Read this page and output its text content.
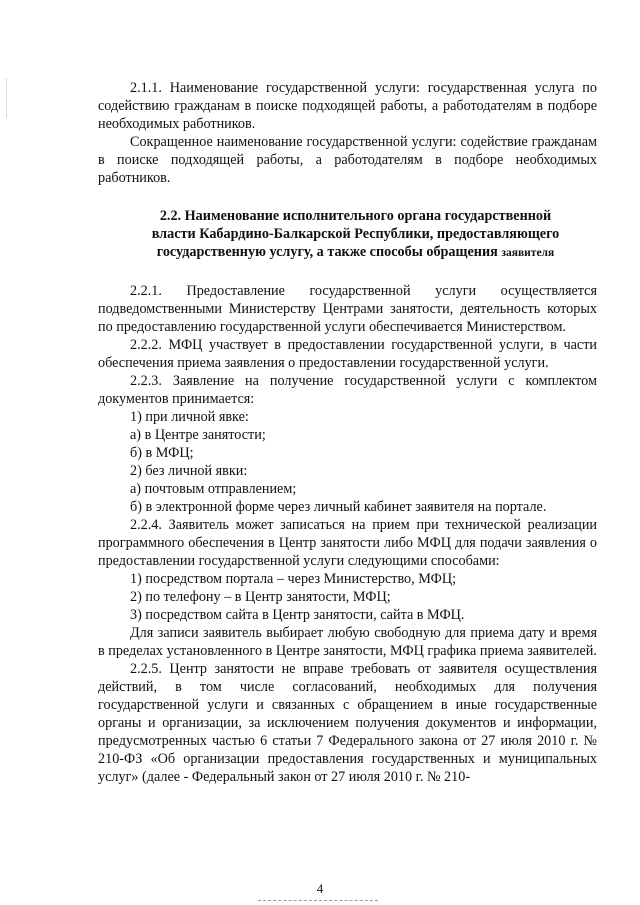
2.1.1. Наименование государственной услуги: государственная услуга по содействию гражданам в поиске подходящей работы, а работодателям в подборе необходимых работников.

Сокращенное наименование государственной услуги: содействие гражданам в поиске подходящей работы, а работодателям в подборе необходимых работников.

2.2. Наименование исполнительного органа государственной власти Кабардино-Балкарской Республики, предоставляющего государственную услугу, а также способы обращения заявителя

2.2.1. Предоставление государственной услуги осуществляется подведомственными Министерству Центрами занятости, деятельность которых по предоставлению государственной услуги обеспечивается Министерством.

2.2.2. МФЦ участвует в предоставлении государственной услуги, в части обеспечения приема заявления о предоставлении государственной услуги.

2.2.3. Заявление на получение государственной услуги с комплектом документов принимается:

1) при личной явке:
а) в Центре занятости;
б) в МФЦ;
2) без личной явки:
а) почтовым отправлением;
б) в электронной форме через личный кабинет заявителя на портале.

2.2.4. Заявитель может записаться на прием при технической реализации программного обеспечения в Центр занятости либо МФЦ для подачи заявления о предоставлении государственной услуги следующими способами:

1) посредством портала – через Министерство, МФЦ;
2) по телефону – в Центр занятости, МФЦ;
3) посредством сайта в Центр занятости, сайта в МФЦ.

Для записи заявитель выбирает любую свободную для приема дату и время в пределах установленного в Центре занятости, МФЦ графика приема заявителей.

2.2.5. Центр занятости не вправе требовать от заявителя осуществления действий, в том числе согласований, необходимых для получения государственной услуги и связанных с обращением в иные государственные органы и организации, за исключением получения документов и информации, предусмотренных частью 6 статьи 7 Федерального закона от 27 июля 2010 г. № 210-ФЗ «Об организации предоставления государственных и муниципальных услуг» (далее - Федеральный закон от 27 июля 2010 г. № 210-

4
